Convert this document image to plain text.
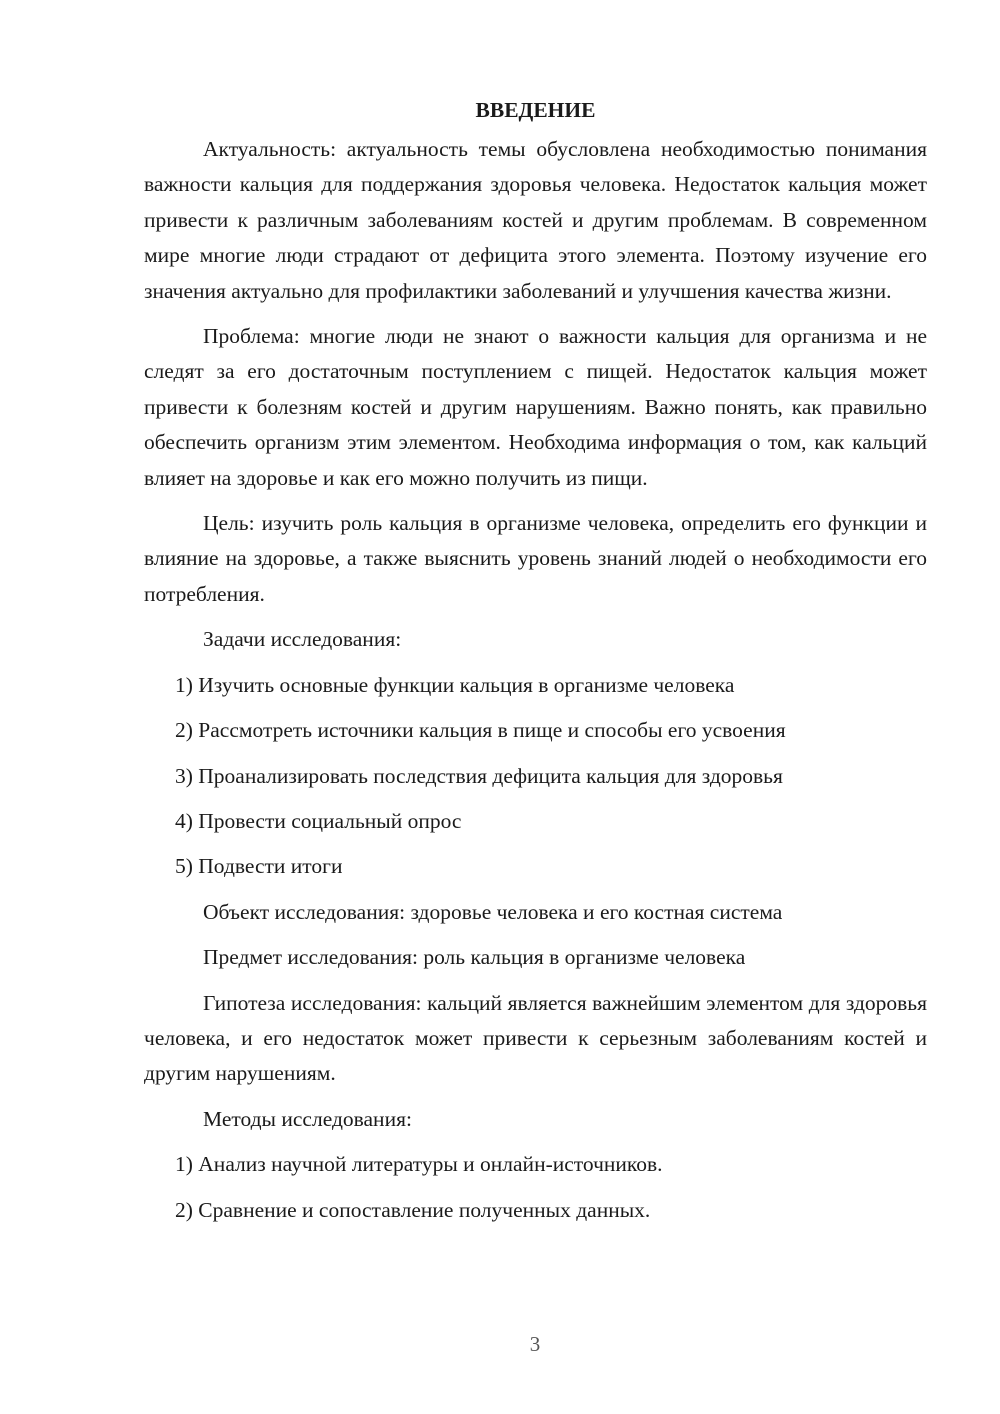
ВВЕДЕНИЕ

Актуальность: актуальность темы обусловлена необходимостью понимания важности кальция для поддержания здоровья человека. Недостаток кальция может привести к различным заболеваниям костей и другим проблемам. В современном мире многие люди страдают от дефицита этого элемента. Поэтому изучение его значения актуально для профилактики заболеваний и улучшения качества жизни.

Проблема: многие люди не знают о важности кальция для организма и не следят за его достаточным поступлением с пищей. Недостаток кальция может привести к болезням костей и другим нарушениям. Важно понять, как правильно обеспечить организм этим элементом. Необходима информация о том, как кальций влияет на здоровье и как его можно получить из пищи.

Цель: изучить роль кальция в организме человека, определить его функции и влияние на здоровье, а также выяснить уровень знаний людей о необходимости его потребления.

Задачи исследования:
1) Изучить основные функции кальция в организме человека
2) Рассмотреть источники кальция в пище и способы его усвоения
3) Проанализировать последствия дефицита кальция для здоровья
4) Провести социальный опрос
5) Подвести итоги
Объект исследования: здоровье человека и его костная система
Предмет исследования: роль кальция в организме человека

Гипотеза исследования: кальций является важнейшим элементом для здоровья человека, и его недостаток может привести к серьезным заболеваниям костей и другим нарушениям.

Методы исследования:
1) Анализ научной литературы и онлайн-источников.
2) Сравнение и сопоставление полученных данных.
3
